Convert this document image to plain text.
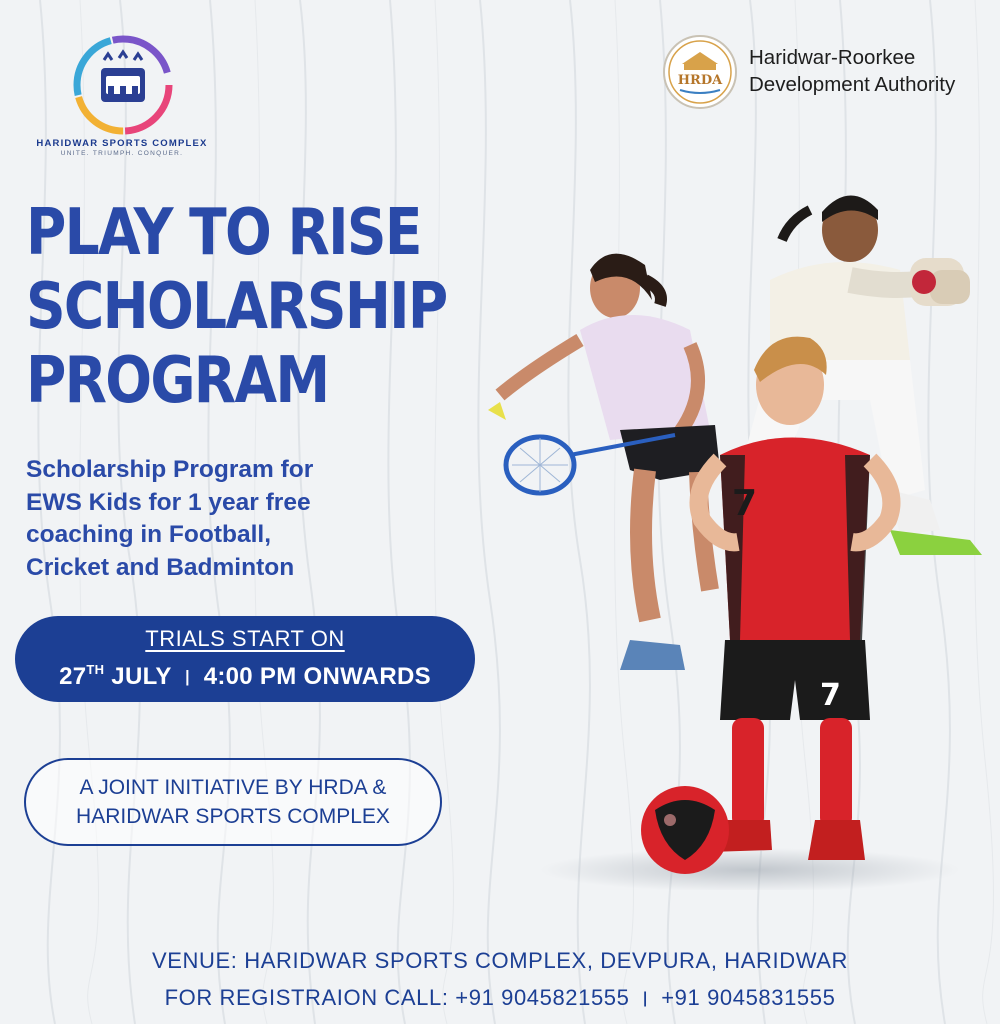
HARIDWAR SPORTS COMPLEX
UNITE. TRIUMPH. CONQUER.
HRDA
Haridwar-Roorkee
Development Authority
PLAY TO RISE
SCHOLARSHIP
PROGRAM
Scholarship Program for
EWS Kids for 1 year free
coaching in Football,
Cricket and Badminton
TRIALS START ON
27TH JULY | 4:00 PM ONWARDS
A JOINT INITIATIVE BY HRDA &
HARIDWAR SPORTS COMPLEX
7
7
VENUE: HARIDWAR SPORTS COMPLEX, DEVPURA, HARIDWAR
FOR REGISTRAION CALL: +91 9045821555 | +91 9045831555
